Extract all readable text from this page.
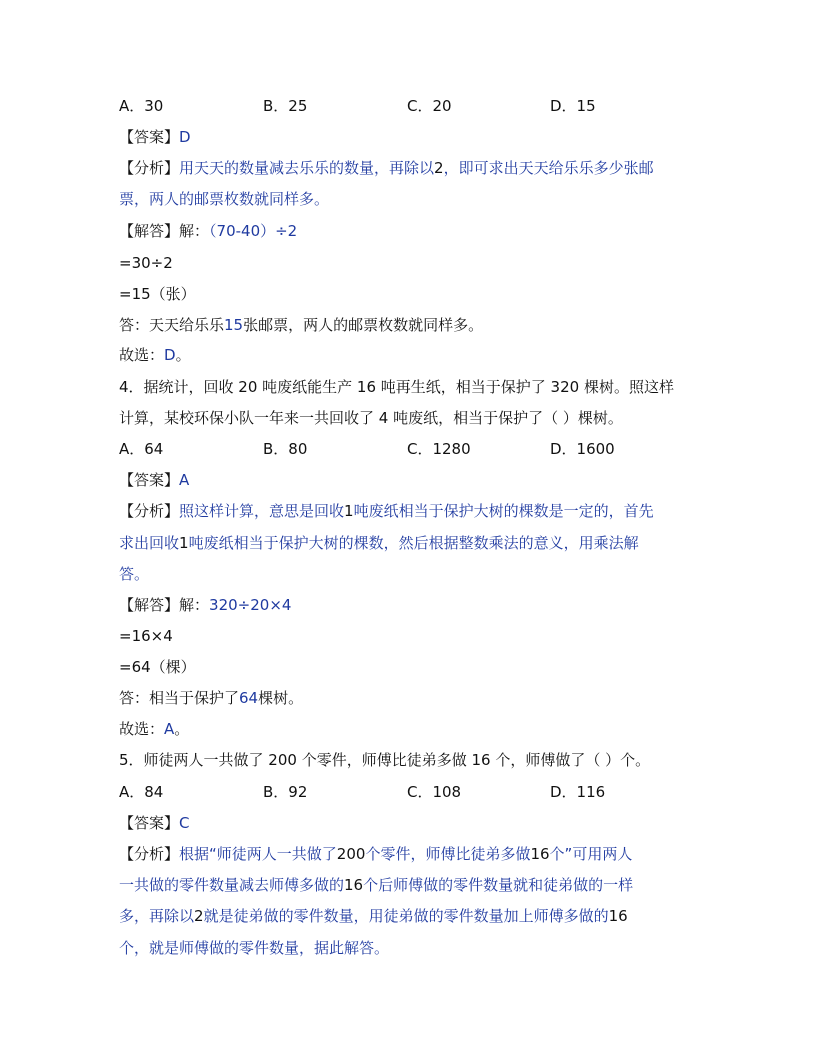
A．30	B．25	C．20	D．15
【答案】D
【分析】用天天的数量减去乐乐的数量，再除以2，即可求出天天给乐乐多少张邮
票，两人的邮票枚数就同样多。
【解答】解：（70-40）÷2
=30÷2
=15（张）
答：天天给乐乐15张邮票，两人的邮票枚数就同样多。
故选：D。
4．据统计，回收 20 吨废纸能生产 16 吨再生纸，相当于保护了 320 棵树。照这样
计算，某校环保小队一年来一共回收了 4 吨废纸，相当于保护了（ ）棵树。
A．64	B．80	C．1280	D．1600
【答案】A
【分析】照这样计算，意思是回收1吨废纸相当于保护大树的棵数是一定的，首先
求出回收1吨废纸相当于保护大树的棵数，然后根据整数乘法的意义，用乘法解
答。
【解答】解：320÷20×4
=16×4
=64（棵）
答：相当于保护了64棵树。
故选：A。
5．师徒两人一共做了 200 个零件，师傅比徒弟多做 16 个，师傅做了（ ）个。
A．84	B．92	C．108	D．116
【答案】C
【分析】根据“师徒两人一共做了200个零件，师傅比徒弟多做16个”可用两人
一共做的零件数量减去师傅多做的16个后师傅做的零件数量就和徒弟做的一样
多，再除以2就是徒弟做的零件数量，用徒弟做的零件数量加上师傅多做的16
个，就是师傅做的零件数量，据此解答。
